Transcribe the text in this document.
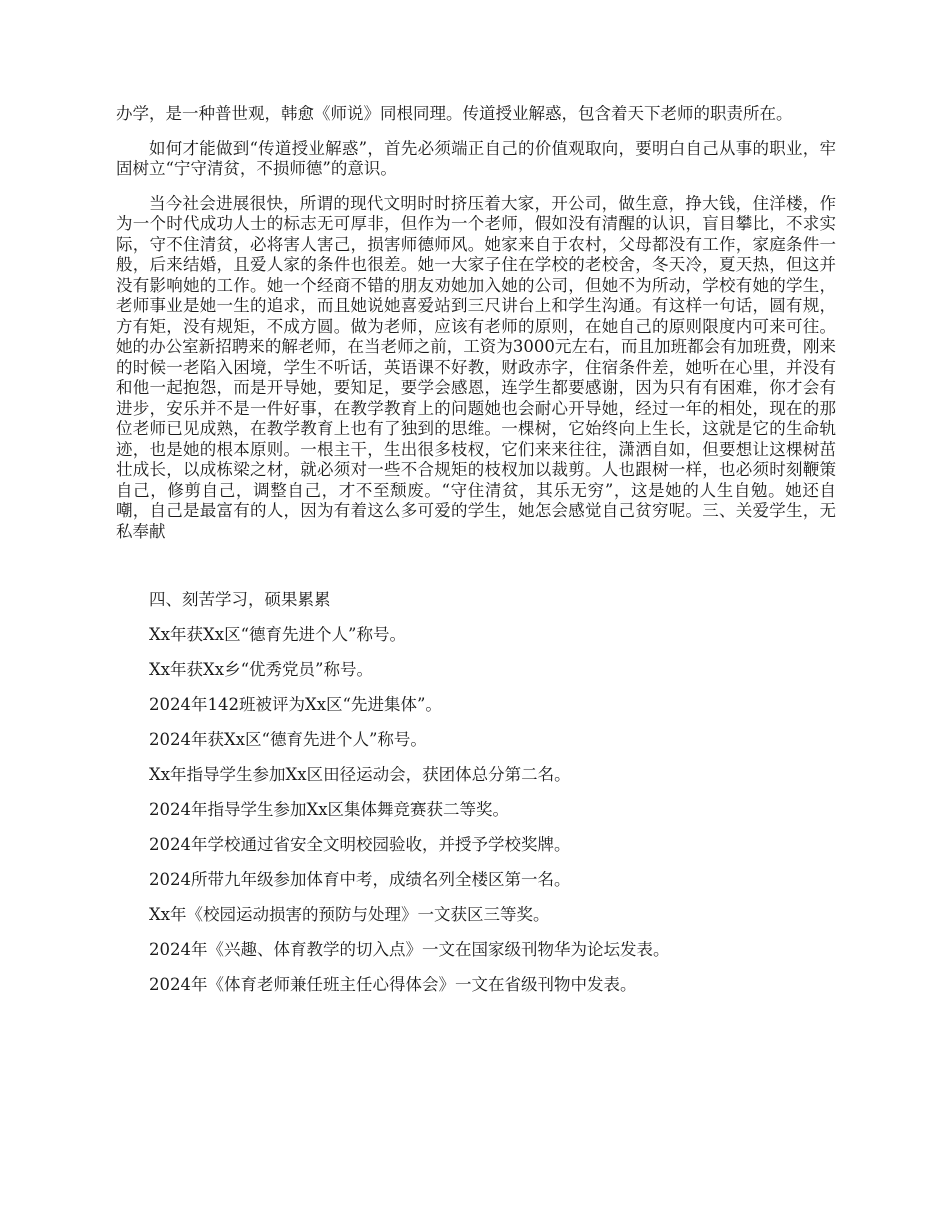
办学，是一种普世观，韩愈《师说》同根同理。传道授业解惑，包含着天下老师的职责所在。

如何才能做到“传道授业解惑”，首先必须端正自己的价值观取向，要明白自己从事的职业，牢固树立“宁守清贫，不损师德”的意识。

当今社会进展很快，所谓的现代文明时时挤压着大家，开公司，做生意，挣大钱，住洋楼，作为一个时代成功人士的标志无可厚非，但作为一个老师，假如没有清醒的认识，盲目攀比，不求实际，守不住清贫，必将害人害己，损害师德师风。她家来自于农村，父母都没有工作，家庭条件一般，后来结婚，且爱人家的条件也很差。她一大家子住在学校的老校舍，冬天冷，夏天热，但这并没有影响她的工作。她一个经商不错的朋友劝她加入她的公司，但她不为所动，学校有她的学生，老师事业是她一生的追求，而且她说她喜爱站到三尺讲台上和学生沟通。有这样一句话，圆有规，方有矩，没有规矩，不成方圆。做为老师，应该有老师的原则，在她自己的原则限度内可来可往。她的办公室新招聘来的解老师，在当老师之前，工资为3000元左右，而且加班都会有加班费，刚来的时候一老陷入困境，学生不听话，英语课不好教，财政赤字，住宿条件差，她听在心里，并没有和他一起抱怨，而是开导她，要知足，要学会感恩，连学生都要感谢，因为只有有困难，你才会有进步，安乐并不是一件好事，在教学教育上的问题她也会耐心开导她，经过一年的相处，现在的那位老师已见成熟，在教学教育上也有了独到的思维。一棵树，它始终向上生长，这就是它的生命轨迹，也是她的根本原则。一根主干，生出很多枝杈，它们来来往往，潇洒自如，但要想让这棵树茁壮成长，以成栋梁之材，就必须对一些不合规矩的枝杈加以裁剪。人也跟树一样，也必须时刻鞭策自己，修剪自己，调整自己，才不至颓废。“守住清贫，其乐无穷”，这是她的人生自勉。她还自嘲，自己是最富有的人，因为有着这么多可爱的学生，她怎会感觉自己贫穷呢。三、关爱学生，无私奉献

四、刻苦学习，硕果累累

Xx年获Xx区“德育先进个人”称号。

Xx年获Xx乡“优秀党员”称号。

2024年142班被评为Xx区“先进集体”。

2024年获Xx区“德育先进个人”称号。

Xx年指导学生参加Xx区田径运动会，获团体总分第二名。

2024年指导学生参加Xx区集体舞竞赛获二等奖。

2024年学校通过省安全文明校园验收，并授予学校奖牌。

2024所带九年级参加体育中考，成绩名列全楼区第一名。

Xx年《校园运动损害的预防与处理》一文获区三等奖。

2024年《兴趣、体育教学的切入点》一文在国家级刊物华为论坛发表。

2024年《体育老师兼任班主任心得体会》一文在省级刊物中发表。
